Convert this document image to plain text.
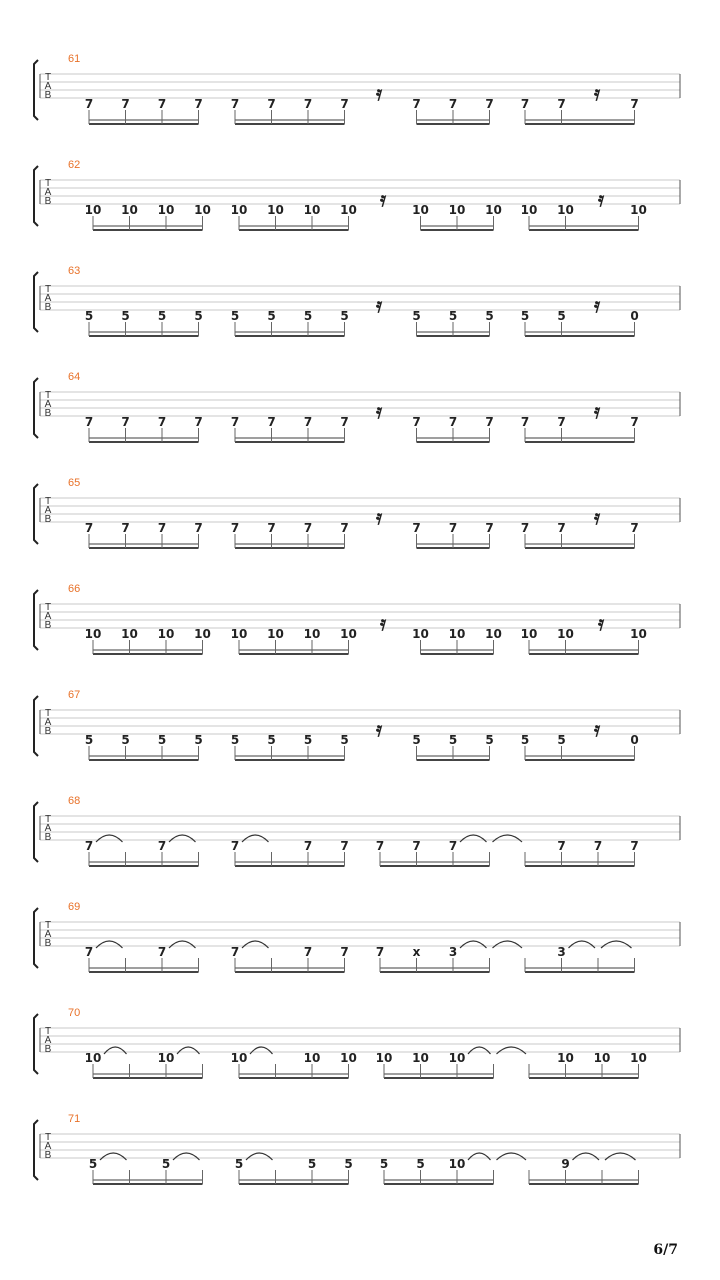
61
T
A
B
7 7 7 7 7 7 7 7 𝄿	7 7 7 7 7 𝄿	7
62
T
A
B
10 10 10 10 10 10 10 10 𝄿 10 10 10 10 10 𝄿 10
63
T
A
B
5 5 5 5 5 5 5 5 𝄿	5 5 5 5 5 𝄿	0
64
T
A
B
7 7 7 7 7 7 7 7 𝄿	7 7 7 7 7 𝄿	7
65
T
A
B
7 7 7 7 7 7 7 7 𝄿	7 7 7 7 7 𝄿	7
66
T
A
B
10 10 10 10 10 10 10 10 𝄿 10 10 10 10 10 𝄿 10
67
T
A
B
5 5 5 5 5 5 5 5 𝄿	5 5 5 5 5 𝄿	0
68
T
A
B
7	7	7	7 7 7 7 7	7 7 7
69
T
A
B
7	7	7	7 7 7 x 3	3
70
T
A
B
10	10	10	10 10 10 10 10	10 10 10
71
T
A
B
5	5	5	5 5 5 5 10	9
6/7
